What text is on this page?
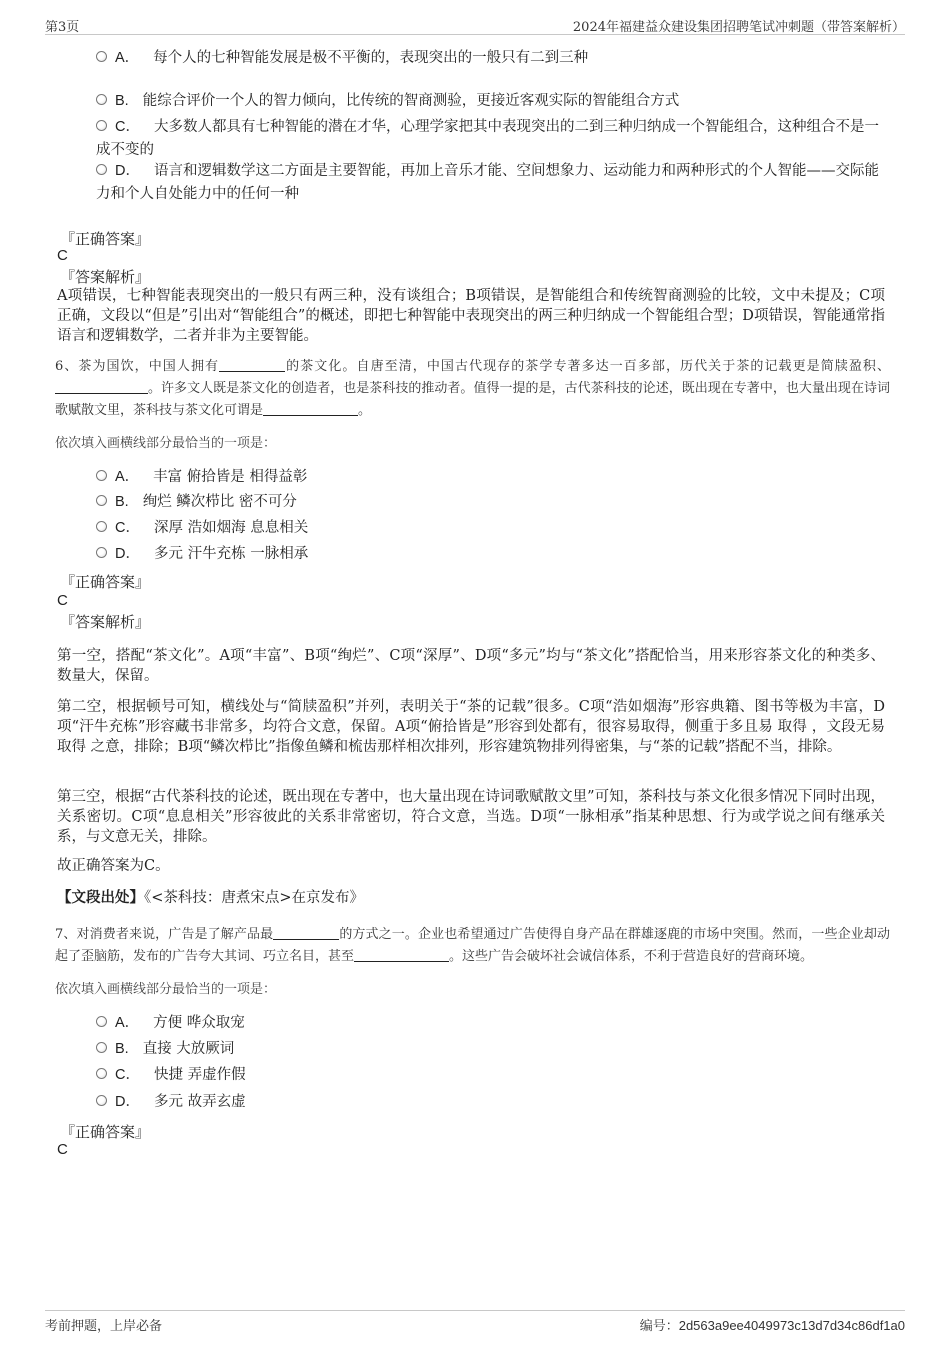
第3页	2024年福建益众建设集团招聘笔试冲刺题（带答案解析）
A． 每个人的七种智能发展是极不平衡的，表现突出的一般只有二到三种
B. 能综合评价一个人的智力倾向，比传统的智商测验，更接近客观实际的智能组合方式
C． 大多数人都具有七种智能的潜在才华，心理学家把其中表现突出的二到三种归纳成一个智能组合，这种组合不是一成不变的
D． 语言和逻辑数学这二方面是主要智能，再加上音乐才能、空间想象力、运动能力和两种形式的个人智能——交际能力和个人自处能力中的任何一种
『正确答案』
C
『答案解析』
A项错误，七种智能表现突出的一般只有两三种，没有谈组合；B项错误，是智能组合和传统智商测验的比较，文中未提及；C项正确，文段以“但是”引出对“智能组合”的概述，即把七种智能中表现突出的两三种归纳成一个智能组合型；D项错误，智能通常指语言和逻辑数学，二者并非为主要智能。
6、茶为国饮，中国人拥有	的茶文化。自唐至清，中国古代现存的茶学专著多达一百多部，历代关于茶的记载更是简牍盈积、。许多文人既是茶文化的创造者，也是茶科技的推动者。值得一提的是，古代茶科技的论述，既出现在专著中，也大量出现在诗词歌赋散文里，茶科技与茶文化可谓是	。
依次填入画横线部分最恰当的一项是：
A． 丰富 俯拾皆是 相得益彰
B. 绚烂 鳞次栉比 密不可分
C． 深厚 浩如烟海 息息相关
D． 多元 汗牛充栋 一脉相承
『正确答案』
C
『答案解析』
第一空，搭配“茶文化”。A项“丰富”、B项“绚烂”、C项“深厚”、D项“多元”均与“茶文化”搭配恰当，用来形容茶文化的种类多、数量大，保留。
第二空，根据顿号可知，横线处与“简牍盈积”并列，表明关于“茶的记载”很多。C项“浩如烟海”形容典籍、图书等极为丰富，D项“汗牛充栋”形容藏书非常多，均符合文意，保留。A项“俯拾皆是”形容到处都有，很容易取得，侧重于多且易 取得 ，文段无易 取得 之意，排除；B项“鳞次栉比”指像鱼鳞和梳齿那样相次排列，形容建筑物排列得密集，与“茶的记载”搭配不当，排除。
第三空，根据“古代茶科技的论述，既出现在专著中，也大量出现在诗词歌赋散文里”可知，茶科技与茶文化很多情况下同时出现，关系密切。C项“息息相关”形容彼此的关系非常密切，符合文意，当选。D项“一脉相承”指某种思想、行为或学说之间有继承关系，与文意无关，排除。
故正确答案为C。
【文段出处】《<茶科技：唐煮宋点>在京发布》
7、对消费者来说，广告是了解产品最	的方式之一。企业也希望通过广告使得自身产品在群雄逐鹿的市场中突围。然而，一些企业却动起了歪脑筋，发布的广告夸大其词、巧立名目，甚至	。这些广告会破坏社会诚信体系，不利于营造良好的营商环境。
依次填入画横线部分最恰当的一项是：
A． 方便 哗众取宠
B. 直接 大放厥词
C． 快捷 弄虚作假
D． 多元 故弄玄虚
『正确答案』
C
考前押题，上岸必备	编号：2d563a9ee4049973c13d7d34c86df1a0
